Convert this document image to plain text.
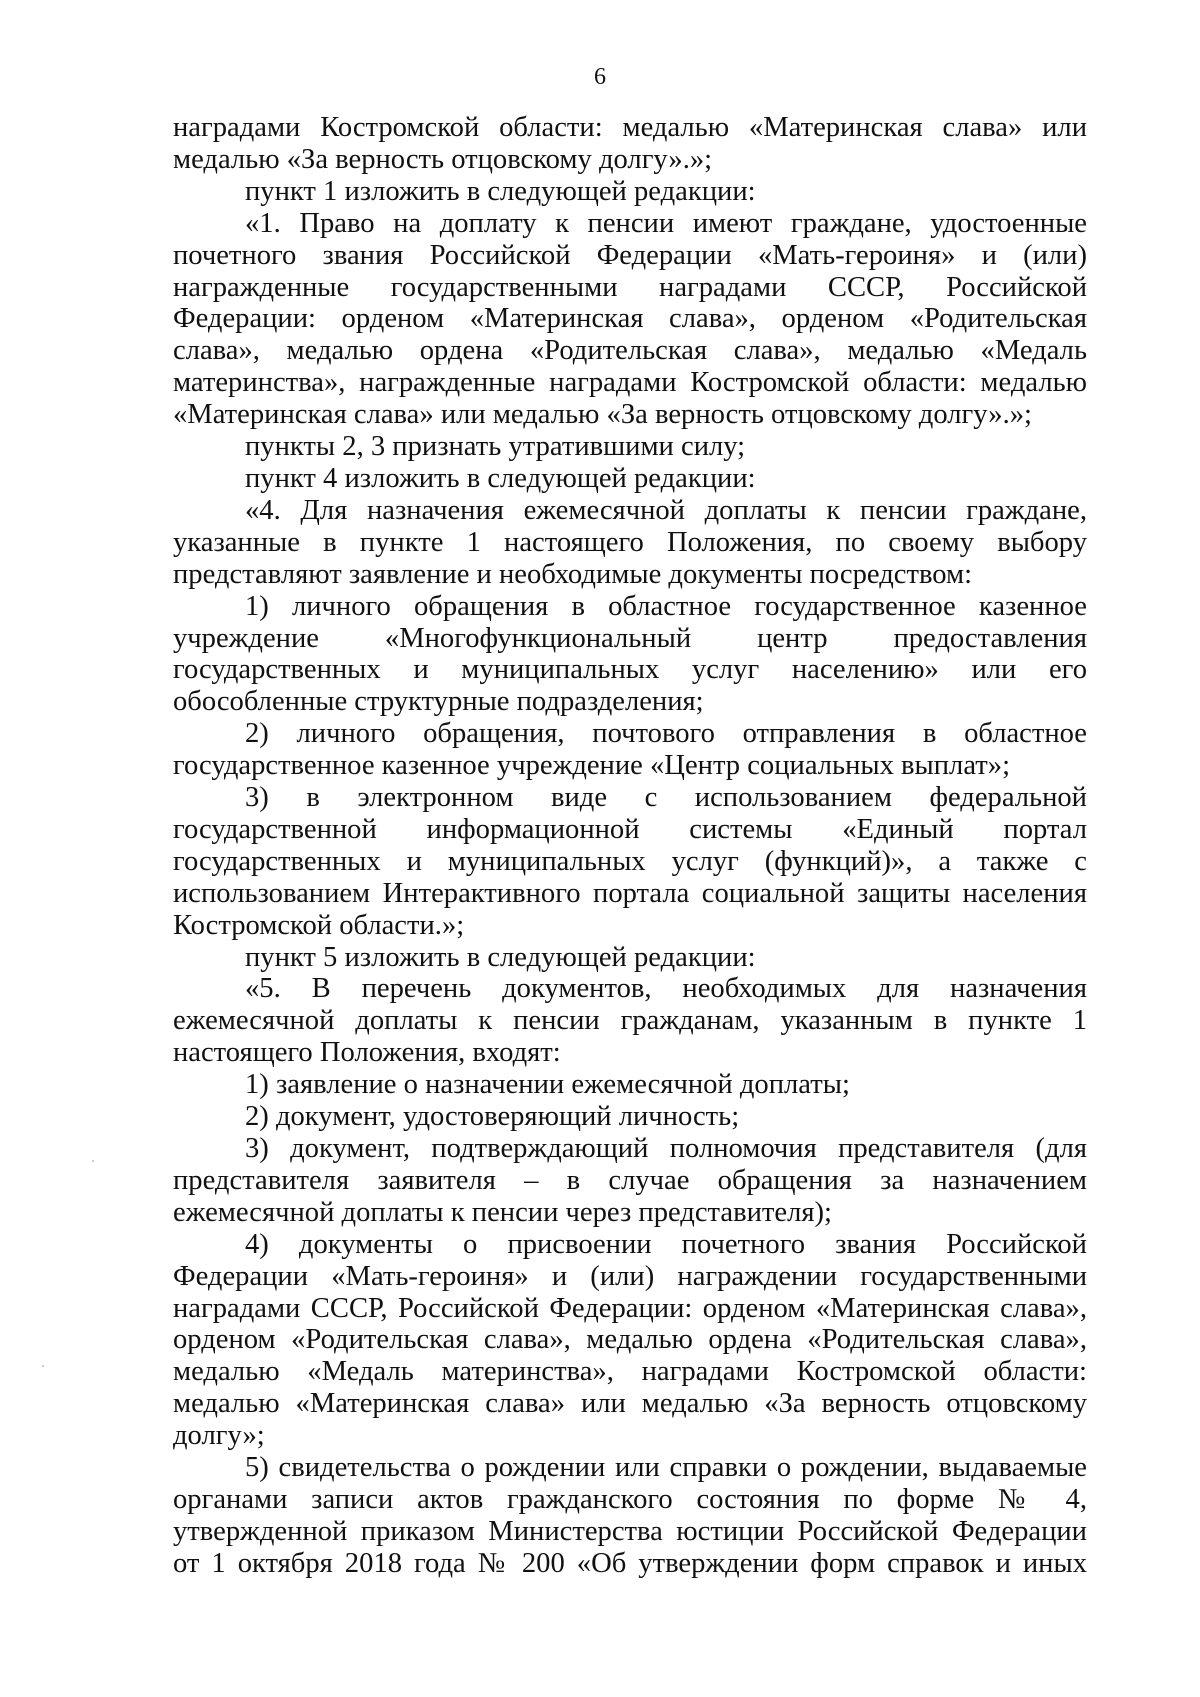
6

наградами Костромской области: медалью «Материнская слава» или медалью «За верность отцовскому долгу».»;

пункт 1 изложить в следующей редакции:

«1. Право на доплату к пенсии имеют граждане, удостоенные почетного звания Российской Федерации «Мать-героиня» и (или) награжденные государственными наградами СССР, Российской Федерации: орденом «Материнская слава», орденом «Родительская слава», медалью ордена «Родительская слава», медалью «Медаль материнства», награжденные наградами Костромской области: медалью «Материнская слава» или медалью «За верность отцовскому долгу».»;

пункты 2, 3 признать утратившими силу;

пункт 4 изложить в следующей редакции:

«4. Для назначения ежемесячной доплаты к пенсии граждане, указанные в пункте 1 настоящего Положения, по своему выбору представляют заявление и необходимые документы посредством:

1) личного обращения в областное государственное казенное учреждение «Многофункциональный центр предоставления государственных и муниципальных услуг населению» или его обособленные структурные подразделения;

2) личного обращения, почтового отправления в областное государственное казенное учреждение «Центр социальных выплат»;

3) в электронном виде с использованием федеральной государственной информационной системы «Единый портал государственных и муниципальных услуг (функций)», а также с использованием Интерактивного портала социальной защиты населения Костромской области.»;

пункт 5 изложить в следующей редакции:

«5. В перечень документов, необходимых для назначения ежемесячной доплаты к пенсии гражданам, указанным в пункте 1 настоящего Положения, входят:

1) заявление о назначении ежемесячной доплаты;

2) документ, удостоверяющий личность;

3) документ, подтверждающий полномочия представителя (для представителя заявителя – в случае обращения за назначением ежемесячной доплаты к пенсии через представителя);

4) документы о присвоении почетного звания Российской Федерации «Мать-героиня» и (или) награждении государственными наградами СССР, Российской Федерации: орденом «Материнская слава», орденом «Родительская слава», медалью ордена «Родительская слава», медалью «Медаль материнства», наградами Костромской области: медалью «Материнская слава» или медалью «За верность отцовскому долгу»;

5) свидетельства о рождении или справки о рождении, выдаваемые органами записи актов гражданского состояния по форме № 4, утвержденной приказом Министерства юстиции Российской Федерации от 1 октября 2018 года № 200 «Об утверждении форм справок и иных
